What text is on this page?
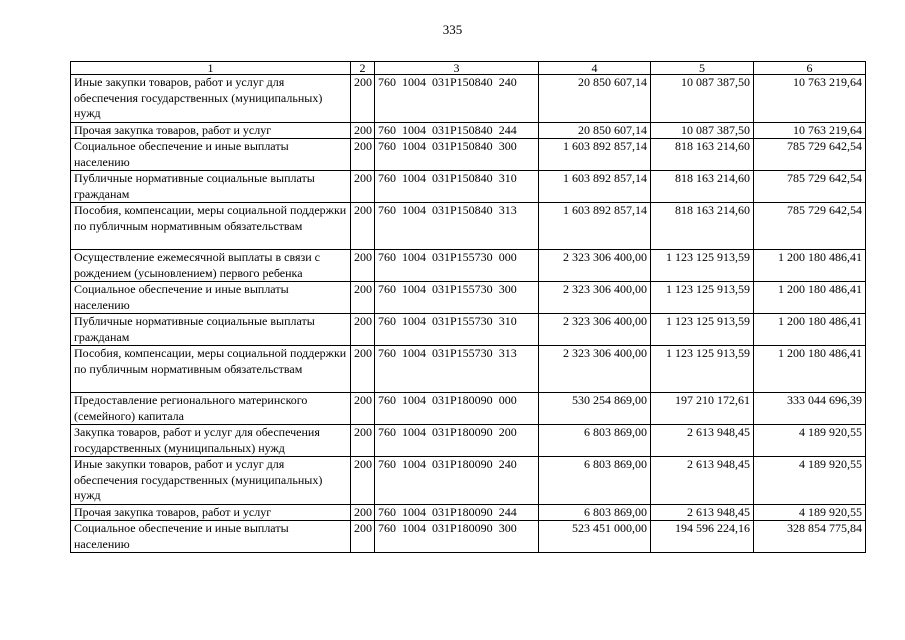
335
1	2	3	4	5	6
Иные закупки товаров, работ и услуг для обеспечения государственных (муниципальных) нужд	200	760 1004 031Р150840 240	20 850 607,14	10 087 387,50	10 763 219,64
Прочая закупка товаров, работ и услуг	200	760 1004 031Р150840 244	20 850 607,14	10 087 387,50	10 763 219,64
Социальное обеспечение и иные выплаты населению	200	760 1004 031Р150840 300	1 603 892 857,14	818 163 214,60	785 729 642,54
Публичные нормативные социальные выплаты гражданам	200	760 1004 031Р150840 310	1 603 892 857,14	818 163 214,60	785 729 642,54
Пособия, компенсации, меры социальной поддержки по публичным нормативным обязательствам	200	760 1004 031Р150840 313	1 603 892 857,14	818 163 214,60	785 729 642,54
Осуществление ежемесячной выплаты в связи с рождением (усыновлением) первого ребенка	200	760 1004 031Р155730 000	2 323 306 400,00	1 123 125 913,59	1 200 180 486,41
Социальное обеспечение и иные выплаты населению	200	760 1004 031Р155730 300	2 323 306 400,00	1 123 125 913,59	1 200 180 486,41
Публичные нормативные социальные выплаты гражданам	200	760 1004 031Р155730 310	2 323 306 400,00	1 123 125 913,59	1 200 180 486,41
Пособия, компенсации, меры социальной поддержки по публичным нормативным обязательствам	200	760 1004 031Р155730 313	2 323 306 400,00	1 123 125 913,59	1 200 180 486,41
Предоставление регионального материнского (семейного) капитала	200	760 1004 031Р180090 000	530 254 869,00	197 210 172,61	333 044 696,39
Закупка товаров, работ и услуг для обеспечения государственных (муниципальных) нужд	200	760 1004 031Р180090 200	6 803 869,00	2 613 948,45	4 189 920,55
Иные закупки товаров, работ и услуг для обеспечения государственных (муниципальных) нужд	200	760 1004 031Р180090 240	6 803 869,00	2 613 948,45	4 189 920,55
Прочая закупка товаров, работ и услуг	200	760 1004 031Р180090 244	6 803 869,00	2 613 948,45	4 189 920,55
Социальное обеспечение и иные выплаты населению	200	760 1004 031Р180090 300	523 451 000,00	194 596 224,16	328 854 775,84
